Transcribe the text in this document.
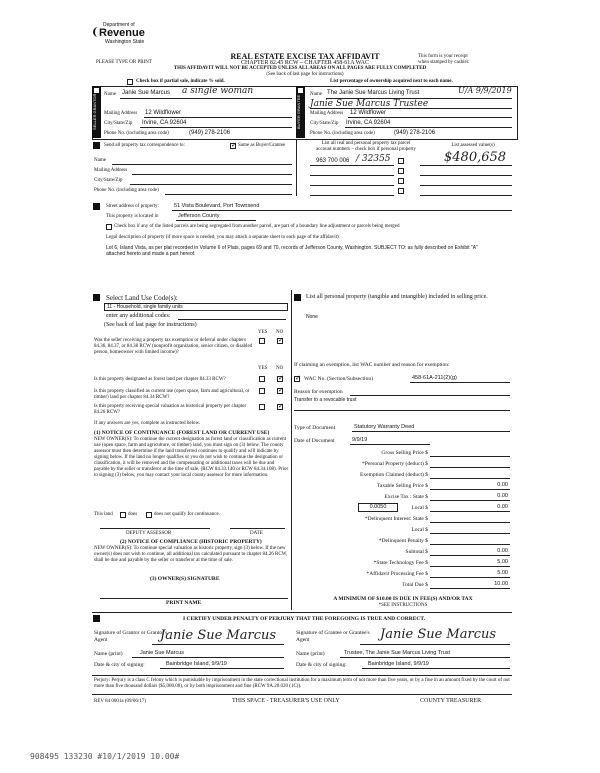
Department of
Revenue
Washington State
REAL ESTATE EXCISE TAX AFFIDAVIT
CHAPTER 82.45 RCW – CHAPTER 458-61A WAC
THIS AFFIDAVIT WILL NOT BE ACCEPTED UNLESS ALL AREAS ON ALL PAGES ARE FULLY COMPLETED
(See back of last page for instructions)
PLEASE TYPE OR PRINT
This form is your receipt
when stamped by cashier.
Check box if partial sale, indicate % sold.	List percentage of ownership acquired next to each name.
SELLER GRANTOR	Name Janie Sue Marcus a single woman
Mailing Address 12 Wildflower
City/State/Zip Irvine, CA 92604
Phone No. (including area code)	(949) 278-2106
BUYER GRANTEE
Name The Janie Sue Marcus Living Trust	U/A 9/9/2019
Janie Sue Marcus Trustee
Mailing Address 12 Wildflower
City/State/Zip Irvine, CA 92604
Phone No. (including area code)	(949) 278-2106
Send all property tax correspondence to:
✓	Same as Buyer/Grantee
Name
Mailing Address
City/State/Zip
Phone No. (including area code)
List all real and personal property tax parcel account numbers – check box if personal property
List assessed value(s)
963 700 006 / 32355	$480,658
Street address of property:	51 Vista Boulevard, Port Townsend
This property is located in	Jefferson County
Check box if any of the listed parcels are being segregated from another parcel, are part of a boundary line adjustment or parcels being merged
Legal description of property (if more space is needed, you may attach a separate sheet to each page of the affidavit)
Lot 6, Island Vista, as per plat recorded in Volume 6 of Plats, pages 69 and 70, records of Jefferson County, Washington. SUBJECT TO: as fully described on Exhibit "A" attached hereto and made a part hereof.
Select Land Use Code(s):
11 - Household, single family units
enter any additional codes:
(See back of last page for instructions)
YES NO
Was the seller receiving a property tax exemption or deferral under chapters 84.36, 84.37, or 84.38 RCW (nonprofit organization, senior citizen, or disabled person, homeowner with limited income)?
✓
YES NO
Is this property designated as forest land per chapter 84.33 RCW?
✓
Is this property classified as current use (open space, farm and agricultural, or timber) land per chapter 84.34 RCW?
✓
Is this property receiving special valuation as historical property per chapter 84.26 RCW?
✓
If any answers are yes, complete as instructed below.
(1) NOTICE OF CONTINUANCE (FOREST LAND OR CURRENT USE)
NEW OWNER(S): To continue the current designation as forest land or classification as current use (open space, farm and agriculture, or timber) land, you must sign on (3) below. The county assessor must then determine if the land transferred continues to qualify and will indicate by signing below. If the land no longer qualifies or you do not wish to continue the designation or classification, it will be removed and the compensating or additional taxes will be due and payable by the seller or transferor at the time of sale. (RCW 84.33.140 or RCW 84.34.108). Prior to signing (3) below, you may contact your local county assessor for more information.
This land	does	does not qualify for continuance.
DEPUTY ASSESSOR	DATE
(2) NOTICE OF COMPLIANCE (HISTORIC PROPERTY)
NEW OWNER(S): To continue special valuation as historic property, sign (3) below. If the new owner(s) does not wish to continue, all additional tax calculated pursuant to chapter 84.26 RCW, shall be due and payable by the seller or transferor at the time of sale.
(3) OWNER(S) SIGNATURE
PRINT NAME
List all personal property (tangible and intangible) included in selling price.
None
If claiming an exemption, list WAC number and reason for exemption:
✓
WAC No. (Section/Subsection)	458-61A-211(2)(g)
Reason for exemption
Transfer to a revocable trust
Type of Document	Statutory Warranty Deed
Date of Document	9/9/19
Gross Selling Price $
*Personal Property (deduct) $
Exemption Claimed (deduct) $
Taxable Selling Price $	0.00
Excise Tax : State $	0.00
0.0050	Local $	0.00
*Delinquent Interest: State $
Local $
*Delinquent Penalty $
Subtotal $	0.00
*State Technology Fee $	5.00
*Affidavit Processing Fee $	5.00
Total Due $	10.00
A MINIMUM OF $10.00 IS DUE IN FEE(S) AND/OR TAX
*SEE INSTRUCTIONS
I CERTIFY UNDER PENALTY OF PERJURY THAT THE FOREGOING IS TRUE AND CORRECT.
Signature of Grantor or Grantor's Agent	Janie Sue Marcus
Name (print)	Janie Sue Marcus
Date & city of signing:	Bainbridge Island, 9/9/19
Signature of Grantee or Grantee's Agent	Janie Sue Marcus
Name (print)	Trustee, The Janie Sue Marcus Living Trust
Date & city of signing:	Bainbridge Island, 9/9/19
Perjury: Perjury is a class C felony which is punishable by imprisonment in the state correctional institution for a maximum term of not more than five years, or by a fine in an amount fixed by the court of not more than five thousand dollars ($5,000.00), or by both imprisonment and fine (RCW 9A.20.020 (1C)).
REV 84 0001a (09/06/17)	THIS SPACE - TREASURER'S USE ONLY	COUNTY TREASURER
908495 133230 #10/1/2019 10.00#
